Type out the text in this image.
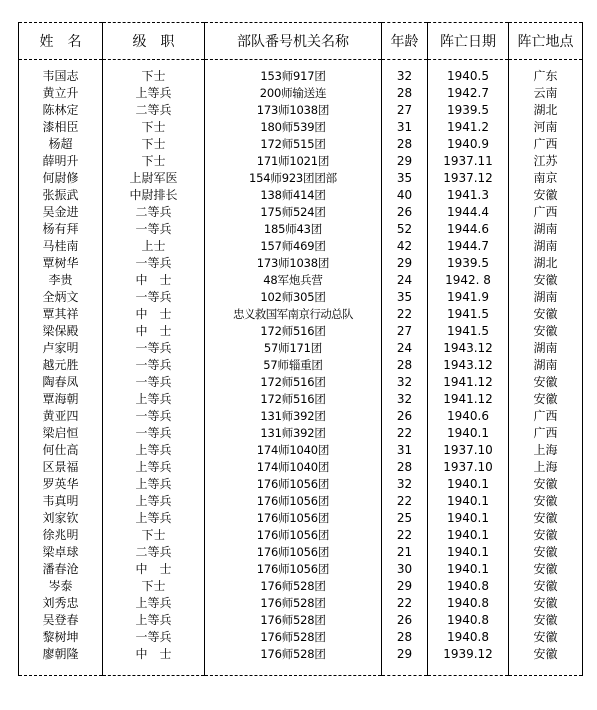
姓　名	级　职	部队番号机关名称	年龄	阵亡日期	阵亡地点

韦国志	下士	153师917团	32	1940.5	广东
黄立升	上等兵	200师输送连	28	1942.7	云南
陈林定	二等兵	173师1038团	27	1939.5	湖北
漆相臣	下士	180师539团	31	1941.2	河南
杨超	下士	172师515团	28	1940.9	广西
薛明升	下士	171师1021团	29	1937.11	江苏
何尉修	上尉军医	154师923团团部	35	1937.12	南京
张振武	中尉排长	138师414团	40	1941.3	安徽
吴金进	二等兵	175师524团	26	1944.4	广西
杨有拜	一等兵	185师43团	52	1944.6	湖南
马桂南	上士	157师469团	42	1944.7	湖南
覃树华	一等兵	173师1038团	29	1939.5	湖北
李贵	中　士	48军炮兵营	24	1942. 8	安徽
全炳文	一等兵	102师305团	35	1941.9	湖南
覃其祥	中　士	忠义救国军南京行动总队	22	1941.5	安徽
梁保殿	中　士	172师516团	27	1941.5	安徽
卢家明	一等兵	57师171团	24	1943.12	湖南
越元胜	一等兵	57师辎重团	28	1943.12	湖南
陶春凤	一等兵	172师516团	32	1941.12	安徽
覃海朝	上等兵	172师516团	32	1941.12	安徽
黄亚四	一等兵	131师392团	26	1940.6	广西
梁启恒	一等兵	131师392团	22	1940.1	广西
何仕高	上等兵	174师1040团	31	1937.10	上海
区景福	上等兵	174师1040团	28	1937.10	上海
罗英华	上等兵	176师1056团	32	1940.1	安徽
韦真明	上等兵	176师1056团	22	1940.1	安徽
刘家钦	上等兵	176师1056团	25	1940.1	安徽
徐兆明	下士	176师1056团	22	1940.1	安徽
梁卓球	二等兵	176师1056团	21	1940.1	安徽
潘春沧	中　士	176师1056团	30	1940.1	安徽
岑泰	下士	176师528团	29	1940.8	安徽
刘秀忠	上等兵	176师528团	22	1940.8	安徽
吴登春	上等兵	176师528团	26	1940.8	安徽
黎树坤	一等兵	176师528团	28	1940.8	安徽
廖朝隆	中　士	176师528团	29	1939.12	安徽
